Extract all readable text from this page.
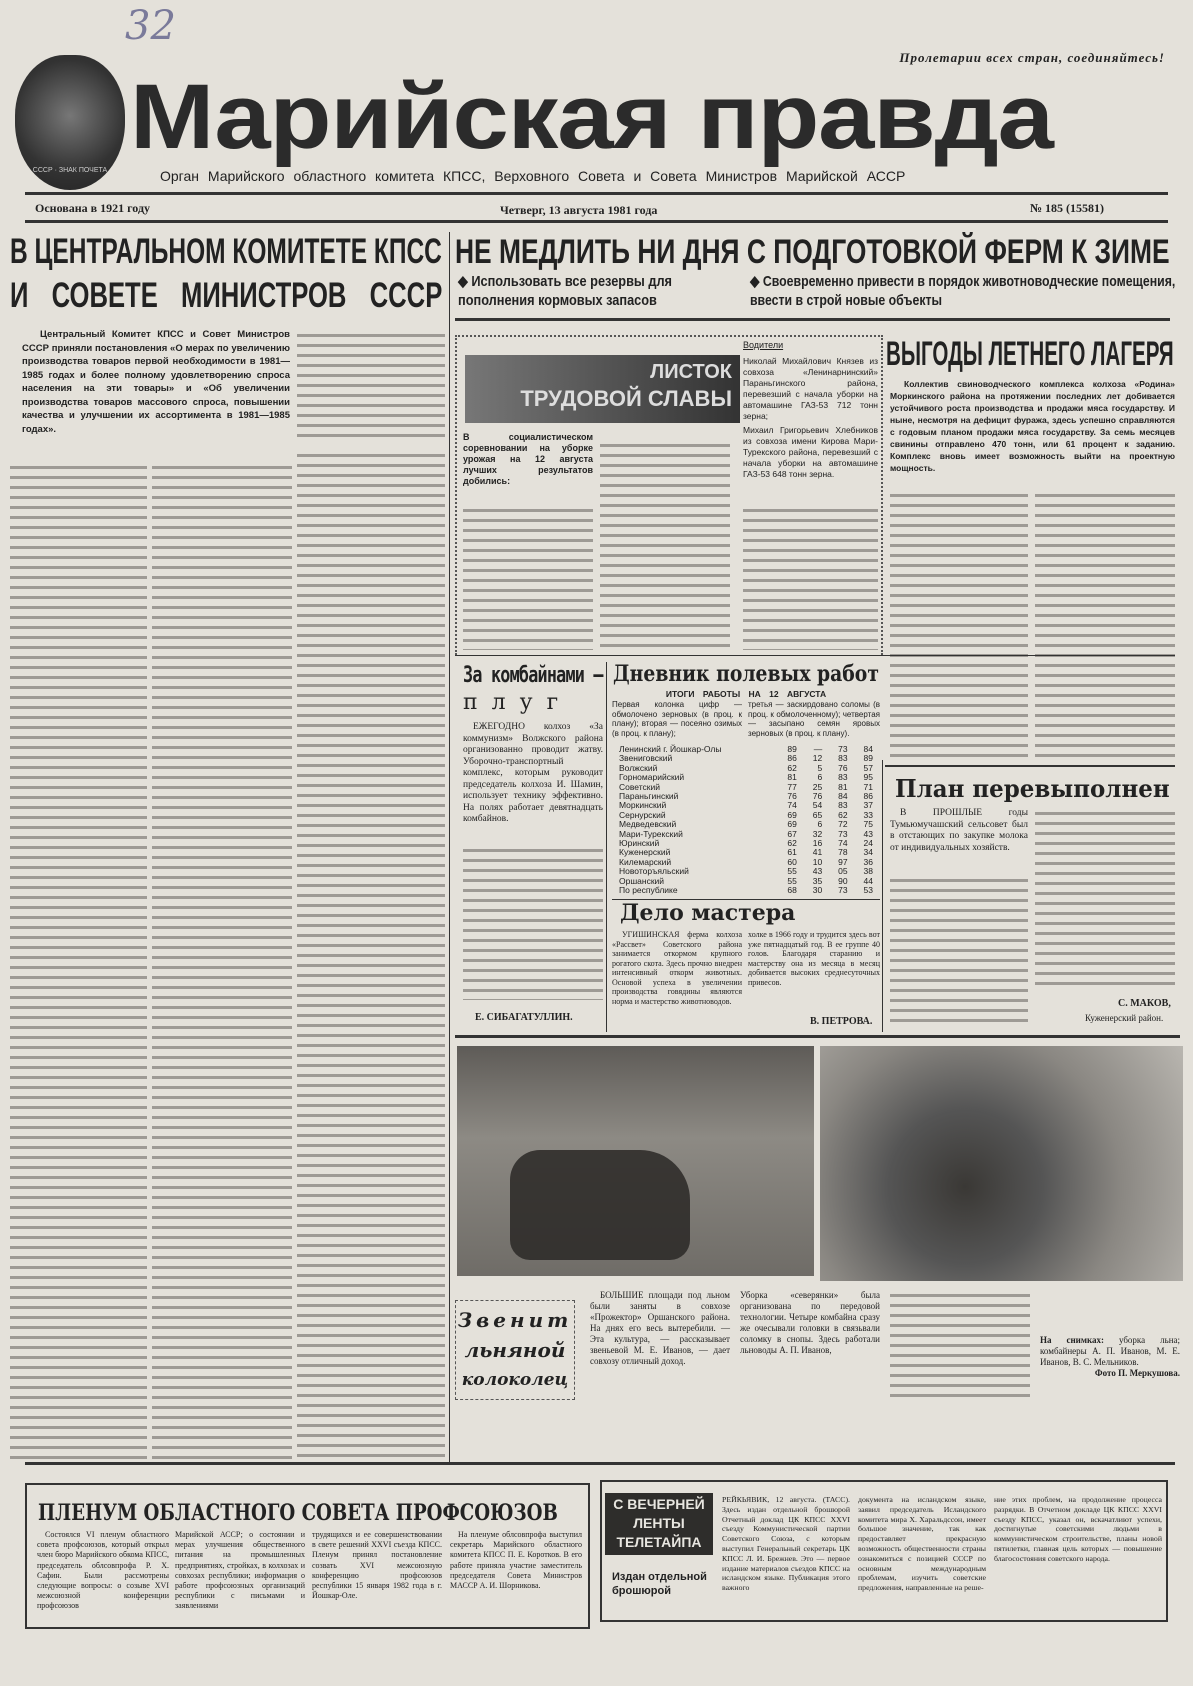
32
СССР · ЗНАК ПОЧЕТА
Пролетарии всех стран, соединяйтесь!
Марийская правда
Орган Марийского областного комитета КПСС, Верховного Совета и Совета Министров Марийской АССР
Основана в 1921 году	Четверг, 13 августа 1981 года	№ 185 (15581)
В ЦЕНТРАЛЬНОМ КОМИТЕТЕ КПСС
И СОВЕТЕ МИНИСТРОВ СССР
Центральный Комитет КПСС и Совет Министров СССР приняли постановления «О мерах по увеличению производства товаров первой необходимости в 1981—1985 годах и более полному удовлетворению спроса населения на эти товары» и «Об увеличении производства товаров массового спроса, повышении качества и улучшении их ассортимента в 1981—1985 годах».
НЕ МЕДЛИТЬ НИ ДНЯ С ПОДГОТОВКОЙ ФЕРМ К ЗИМЕ
◆ Использовать все резервы для пополнения кормовых запасов
◆ Своевременно привести в порядок животноводческие помещения, ввести в строй новые объекты
ЛИСТОК
ТРУДОВОЙ СЛАВЫ
В социалистическом соревновании на уборке урожая на 12 августа лучших результатов добились:
Водители
Николай Михайлович Князев из совхоза «Ленинарнинский» Параньгинского района, перевезший с начала уборки на автомашине ГАЗ-53 712 тонн зерна;
Михаил Григорьевич Хлебников из совхоза имени Кирова Мари-Турекского района, перевезший с начала уборки на автомашине ГАЗ-53 648 тонн зерна.
ВЫГОДЫ ЛЕТНЕГО ЛАГЕРЯ
Коллектив свиноводческого комплекса колхоза «Родина» Моркинского района на протяжении последних лет добивается устойчивого роста производства и продажи мяса государству. И ныне, несмотря на дефицит фуража, здесь успешно справляются с годовым планом продажи мяса государству. За семь месяцев свинины отправлено 470 тонн, или 61 процент к заданию. Комплекс вновь имеет возможность выйти на проектную мощность.
За комбайнами —
плуг
ЕЖЕГОДНО колхоз «За коммунизм» Волжского района организованно проводит жатву. Уборочно-транспортный комплекс, которым руководит председатель колхоза И. Шамин, использует технику эффективно. На полях работает девятнадцать комбайнов.
Е. СИБАГАТУЛЛИН.
Дневник полевых работ
ИТОГИ РАБОТЫ НА 12 АВГУСТА
Первая колонка цифр — обмолочено зерновых (в проц. к плану); вторая — посеяно озимых (в проц. к плану);
третья — заскирдовано соломы (в проц. к обмолоченному); четвертая — засыпано семян яровых зерновых (в проц. к плану).
Ленинский г. Йошкар-Олы	89	—	73	84
Звениговский	86	12	83	89
Волжский	62	5	76	57
Горномарийский	81	6	83	95
Советский	77	25	81	71
Параньгинский	76	76	84	86
Моркинский	74	54	83	37
Сернурский	69	65	62	33
Медведевский	69	6	72	75
Мари-Турекский	67	32	73	43
Юринский	62	16	74	24
Куженерский	61	41	78	34
Килемарский	60	10	97	36
Новоторъяльский	55	43	05	38
Оршанский	55	35	90	44
По республике	68	30	73	53
Дело мастера
УГИШИНСКАЯ ферма колхоза «Рассвет» Советского района занимается откормом крупного рогатого скота. Здесь прочно внедрен интенсивный откорм животных. Основой успеха в увеличении производства говядины являются норма и мастерство животноводов.
холке в 1966 году и трудится здесь вот уже пятнадцатый год. В ее группе 40 голов. Благодаря старанию и мастерству она из месяца в месяц добивается высоких среднесуточных привесов.
В. ПЕТРОВА.
План перевыполнен
В ПРОШЛЫЕ годы Тумьюмучашский сельсовет был в отстающих по закупке молока от индивидуальных хозяйств.
С. МАКОВ,
Куженерский район.
Звенит
льняной
колоколец
БОЛЬШИЕ площади под льном были заняты в совхозе «Прожектор» Оршанского района. На днях его весь вытеребили. — Эта культура, — рассказывает звеньевой М. Е. Иванов, — дает совхозу отличный доход.
Уборка «северянки» была организована по передовой технологии. Четыре комбайна сразу же очесывали головки в связьвали соломку в снопы. Здесь работали льноводы А. П. Иванов,
На снимках: уборка льна; комбайнеры А. П. Иванов, М. Е. Иванов, В. С. Мельников.
Фото П. Меркушова.
ПЛЕНУМ ОБЛАСТНОГО СОВЕТА ПРОФСОЮЗОВ
Состоялся VI пленум областного совета профсоюзов, который открыл член бюро Марийского обкома КПСС, председатель облсовпрофа Р. Х. Сафин. Были рассмотрены следующие вопросы: о созыве XVI межсоюзной конференции профсоюзов
Марийской АССР; о состоянии и мерах улучшения общественного питания на промышленных предприятиях, стройках, в колхозах и совхозах республики; информация о работе профсоюзных организаций республики с письмами и заявлениями
трудящихся и ее совершенствовании в свете решений XXVI съезда КПСС. Пленум принял постановление созвать XVI межсоюзную конференцию профсоюзов республики 15 января 1982 года в г. Йошкар-Оле.
На пленуме облсовпрофа выступил секретарь Марийского областного комитета КПСС П. Е. Коротков. В его работе приняла участие заместитель председателя Совета Министров МАССР А. И. Шорникова.
С ВЕЧЕРНЕЙ
ЛЕНТЫ
ТЕЛЕТАЙПА
Издан отдельной брошюрой
РЕЙКЬЯВИК, 12 августа. (ТАСС). Здесь издан отдельной брошюрой Отчетный доклад ЦК КПСС XXVI съезду Коммунистической партии Советского Союза, с которым выступил Генеральный секретарь ЦК КПСС Л. И. Брежнев. Это — первое издание материалов съездов КПСС на исландском языке. Публикация этого важного
документа на исландском языке, заявил председатель Исландского комитета мира Х. Харальдссон, имеет большое значение, так как предоставляет прекрасную возможность общественности страны ознакомиться с позицией СССР по основным международным проблемам, изучить советские предложения, направленные на реше-
ние этих проблем, на продолжение процесса разрядки. В Отчетном докладе ЦК КПСС XXVI съезду КПСС, указал он, вскачатлиют успехи, достигнутые советскими людьми в коммунистическом строительстве, планы новой пятилетки, главная цель которых — повышение благосостояния советского народа.
